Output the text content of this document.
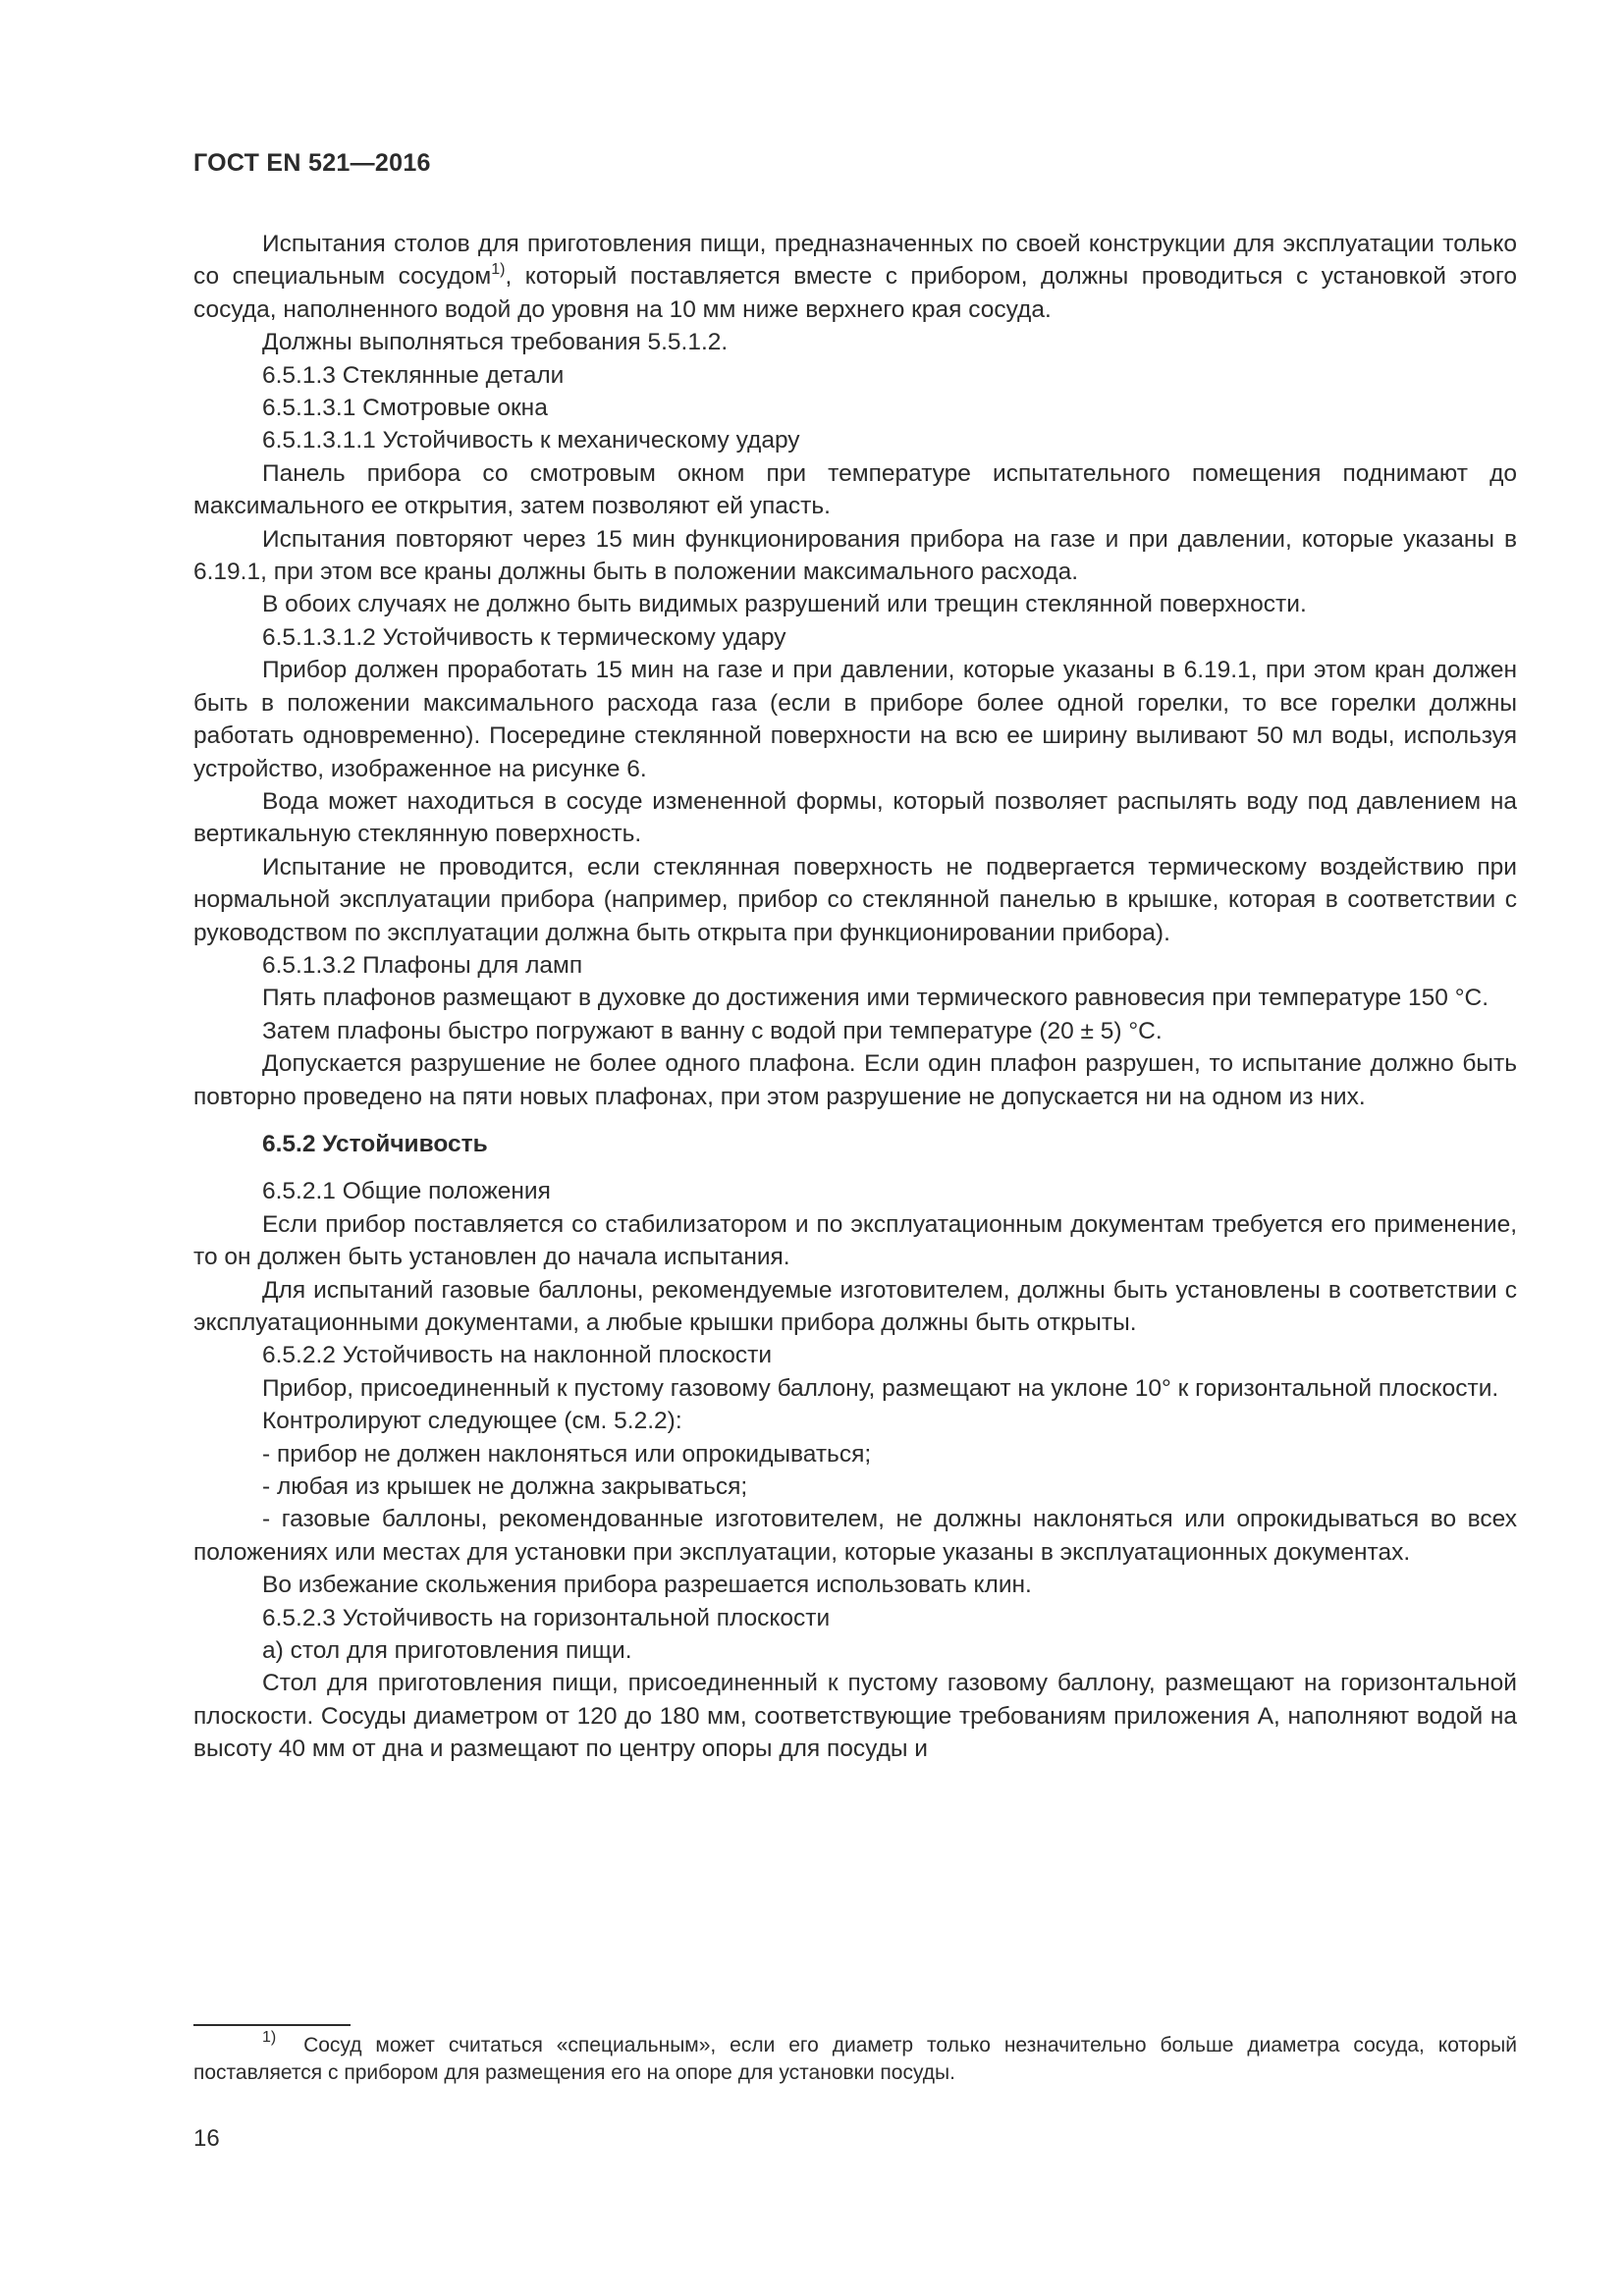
ГОСТ EN 521—2016

Испытания столов для приготовления пищи, предназначенных по своей конструкции для эксплуатации только со специальным сосудом$^{1)}$, который поставляется вместе с прибором, должны проводиться с установкой этого сосуда, наполненного водой до уровня на 10 мм ниже верхнего края сосуда.

Должны выполняться требования 5.5.1.2.

6.5.1.3 Стеклянные детали

6.5.1.3.1 Смотровые окна

6.5.1.3.1.1 Устойчивость к механическому удару

Панель прибора со смотровым окном при температуре испытательного помещения поднимают до максимального ее открытия, затем позволяют ей упасть.

Испытания повторяют через 15 мин функционирования прибора на газе и при давлении, которые указаны в 6.19.1, при этом все краны должны быть в положении максимального расхода.

В обоих случаях не должно быть видимых разрушений или трещин стеклянной поверхности.

6.5.1.3.1.2 Устойчивость к термическому удару

Прибор должен проработать 15 мин на газе и при давлении, которые указаны в 6.19.1, при этом кран должен быть в положении максимального расхода газа (если в приборе более одной горелки, то все горелки должны работать одновременно). Посередине стеклянной поверхности на всю ее ширину выливают 50 мл воды, используя устройство, изображенное на рисунке 6.

Вода может находиться в сосуде измененной формы, который позволяет распылять воду под давлением на вертикальную стеклянную поверхность.

Испытание не проводится, если стеклянная поверхность не подвергается термическому воздействию при нормальной эксплуатации прибора (например, прибор со стеклянной панелью в крышке, которая в соответствии с руководством по эксплуатации должна быть открыта при функционировании прибора).

6.5.1.3.2 Плафоны для ламп

Пять плафонов размещают в духовке до достижения ими термического равновесия при температуре 150 °С.

Затем плафоны быстро погружают в ванну с водой при температуре (20 ± 5) °С.

Допускается разрушение не более одного плафона. Если один плафон разрушен, то испытание должно быть повторно проведено на пяти новых плафонах, при этом разрушение не допускается ни на одном из них.

6.5.2 Устойчивость

6.5.2.1 Общие положения

Если прибор поставляется со стабилизатором и по эксплуатационным документам требуется его применение, то он должен быть установлен до начала испытания.

Для испытаний газовые баллоны, рекомендуемые изготовителем, должны быть установлены в соответствии с эксплуатационными документами, а любые крышки прибора должны быть открыты.

6.5.2.2 Устойчивость на наклонной плоскости

Прибор, присоединенный к пустому газовому баллону, размещают на уклоне 10° к горизонтальной плоскости.

Контролируют следующее (см. 5.2.2):

- прибор не должен наклоняться или опрокидываться;

- любая из крышек не должна закрываться;

- газовые баллоны, рекомендованные изготовителем, не должны наклоняться или опрокидываться во всех положениях или местах для установки при эксплуатации, которые указаны в эксплуатационных документах.

Во избежание скольжения прибора разрешается использовать клин.

6.5.2.3 Устойчивость на горизонтальной плоскости

а) стол для приготовления пищи.

Стол для приготовления пищи, присоединенный к пустому газовому баллону, размещают на горизонтальной плоскости. Сосуды диаметром от 120 до 180 мм, соответствующие требованиям приложения А, наполняют водой на высоту 40 мм от дна и размещают по центру опоры для посуды и

$^{1)}$ Сосуд может считаться «специальным», если его диаметр только незначительно больше диаметра сосуда, который поставляется с прибором для размещения его на опоре для установки посуды.
16
